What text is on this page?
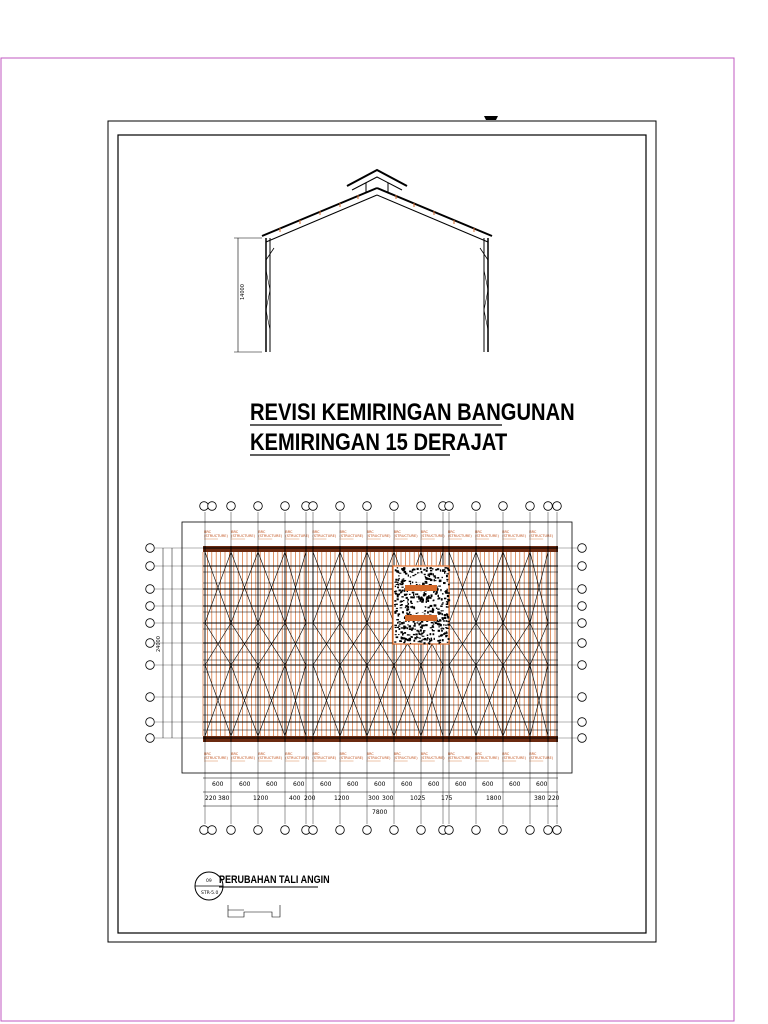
14000
REVISI KEMIRINGAN BANGUNAN
KEMIRINGAN 15 DERAJAT
BRC
(STRUCTURE)
BRC
(STRUCTURE)
BRC
(STRUCTURE)
BRC
(STRUCTURE)
BRC
(STRUCTURE)
BRC
(STRUCTURE)
BRC
(STRUCTURE)
BRC
(STRUCTURE)
BRC
(STRUCTURE)
BRC
(STRUCTURE)
BRC
(STRUCTURE)
BRC
(STRUCTURE)
BRC
(STRUCTURE)
BRC
(STRUCTURE)
BRC
(STRUCTURE)
BRC
(STRUCTURE)
BRC
(STRUCTURE)
BRC
(STRUCTURE)
BRC
(STRUCTURE)
BRC
(STRUCTURE)
BRC
(STRUCTURE)
BRC
(STRUCTURE)
BRC
(STRUCTURE)
BRC
(STRUCTURE)
BRC
(STRUCTURE)
BRC
(STRUCTURE)
24000
600	600	600	600	600	600	600	600	600	600	600	600	600
220 380	1200	400 200	1200	300 300	1025	175	1800	380 220
7800
09
STR-5.0
PERUBAHAN TALI ANGIN
